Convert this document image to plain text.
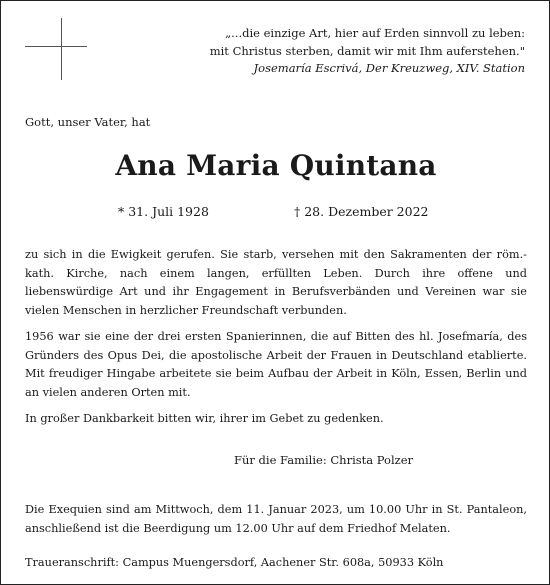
„...die einzige Art, hier auf Erden sinnvoll zu leben:
mit Christus sterben, damit wir mit Ihm auferstehen."
Josemaría Escrivá, Der Kreuzweg, XIV. Station
Gott, unser Vater, hat
Ana Maria Quintana
* 31. Juli 1928	† 28. Dezember 2022

zu sich in die Ewigkeit gerufen. Sie starb, versehen mit den Sakramenten der röm.-kath. Kirche, nach einem langen, erfüllten Leben. Durch ihre offene und liebenswürdige Art und ihr Engagement in Berufsverbänden und Vereinen war sie vielen Menschen in herzlicher Freundschaft verbunden.

1956 war sie eine der drei ersten Spanierinnen, die auf Bitten des hl. Josefmaría, des Gründers des Opus Dei, die apostolische Arbeit der Frauen in Deutschland etablierte. Mit freudiger Hingabe arbeitete sie beim Aufbau der Arbeit in Köln, Essen, Berlin und an vielen anderen Orten mit.

In großer Dankbarkeit bitten wir, ihrer im Gebet zu gedenken.

Für die Familie: Christa Polzer
Die Exequien sind am Mittwoch, dem 11. Januar 2023, um 10.00 Uhr in St. Pantaleon, anschließend ist die Beerdigung um 12.00 Uhr auf dem Friedhof Melaten.
Traueranschrift: Campus Muengersdorf, Aachener Str. 608a, 50933 Köln
